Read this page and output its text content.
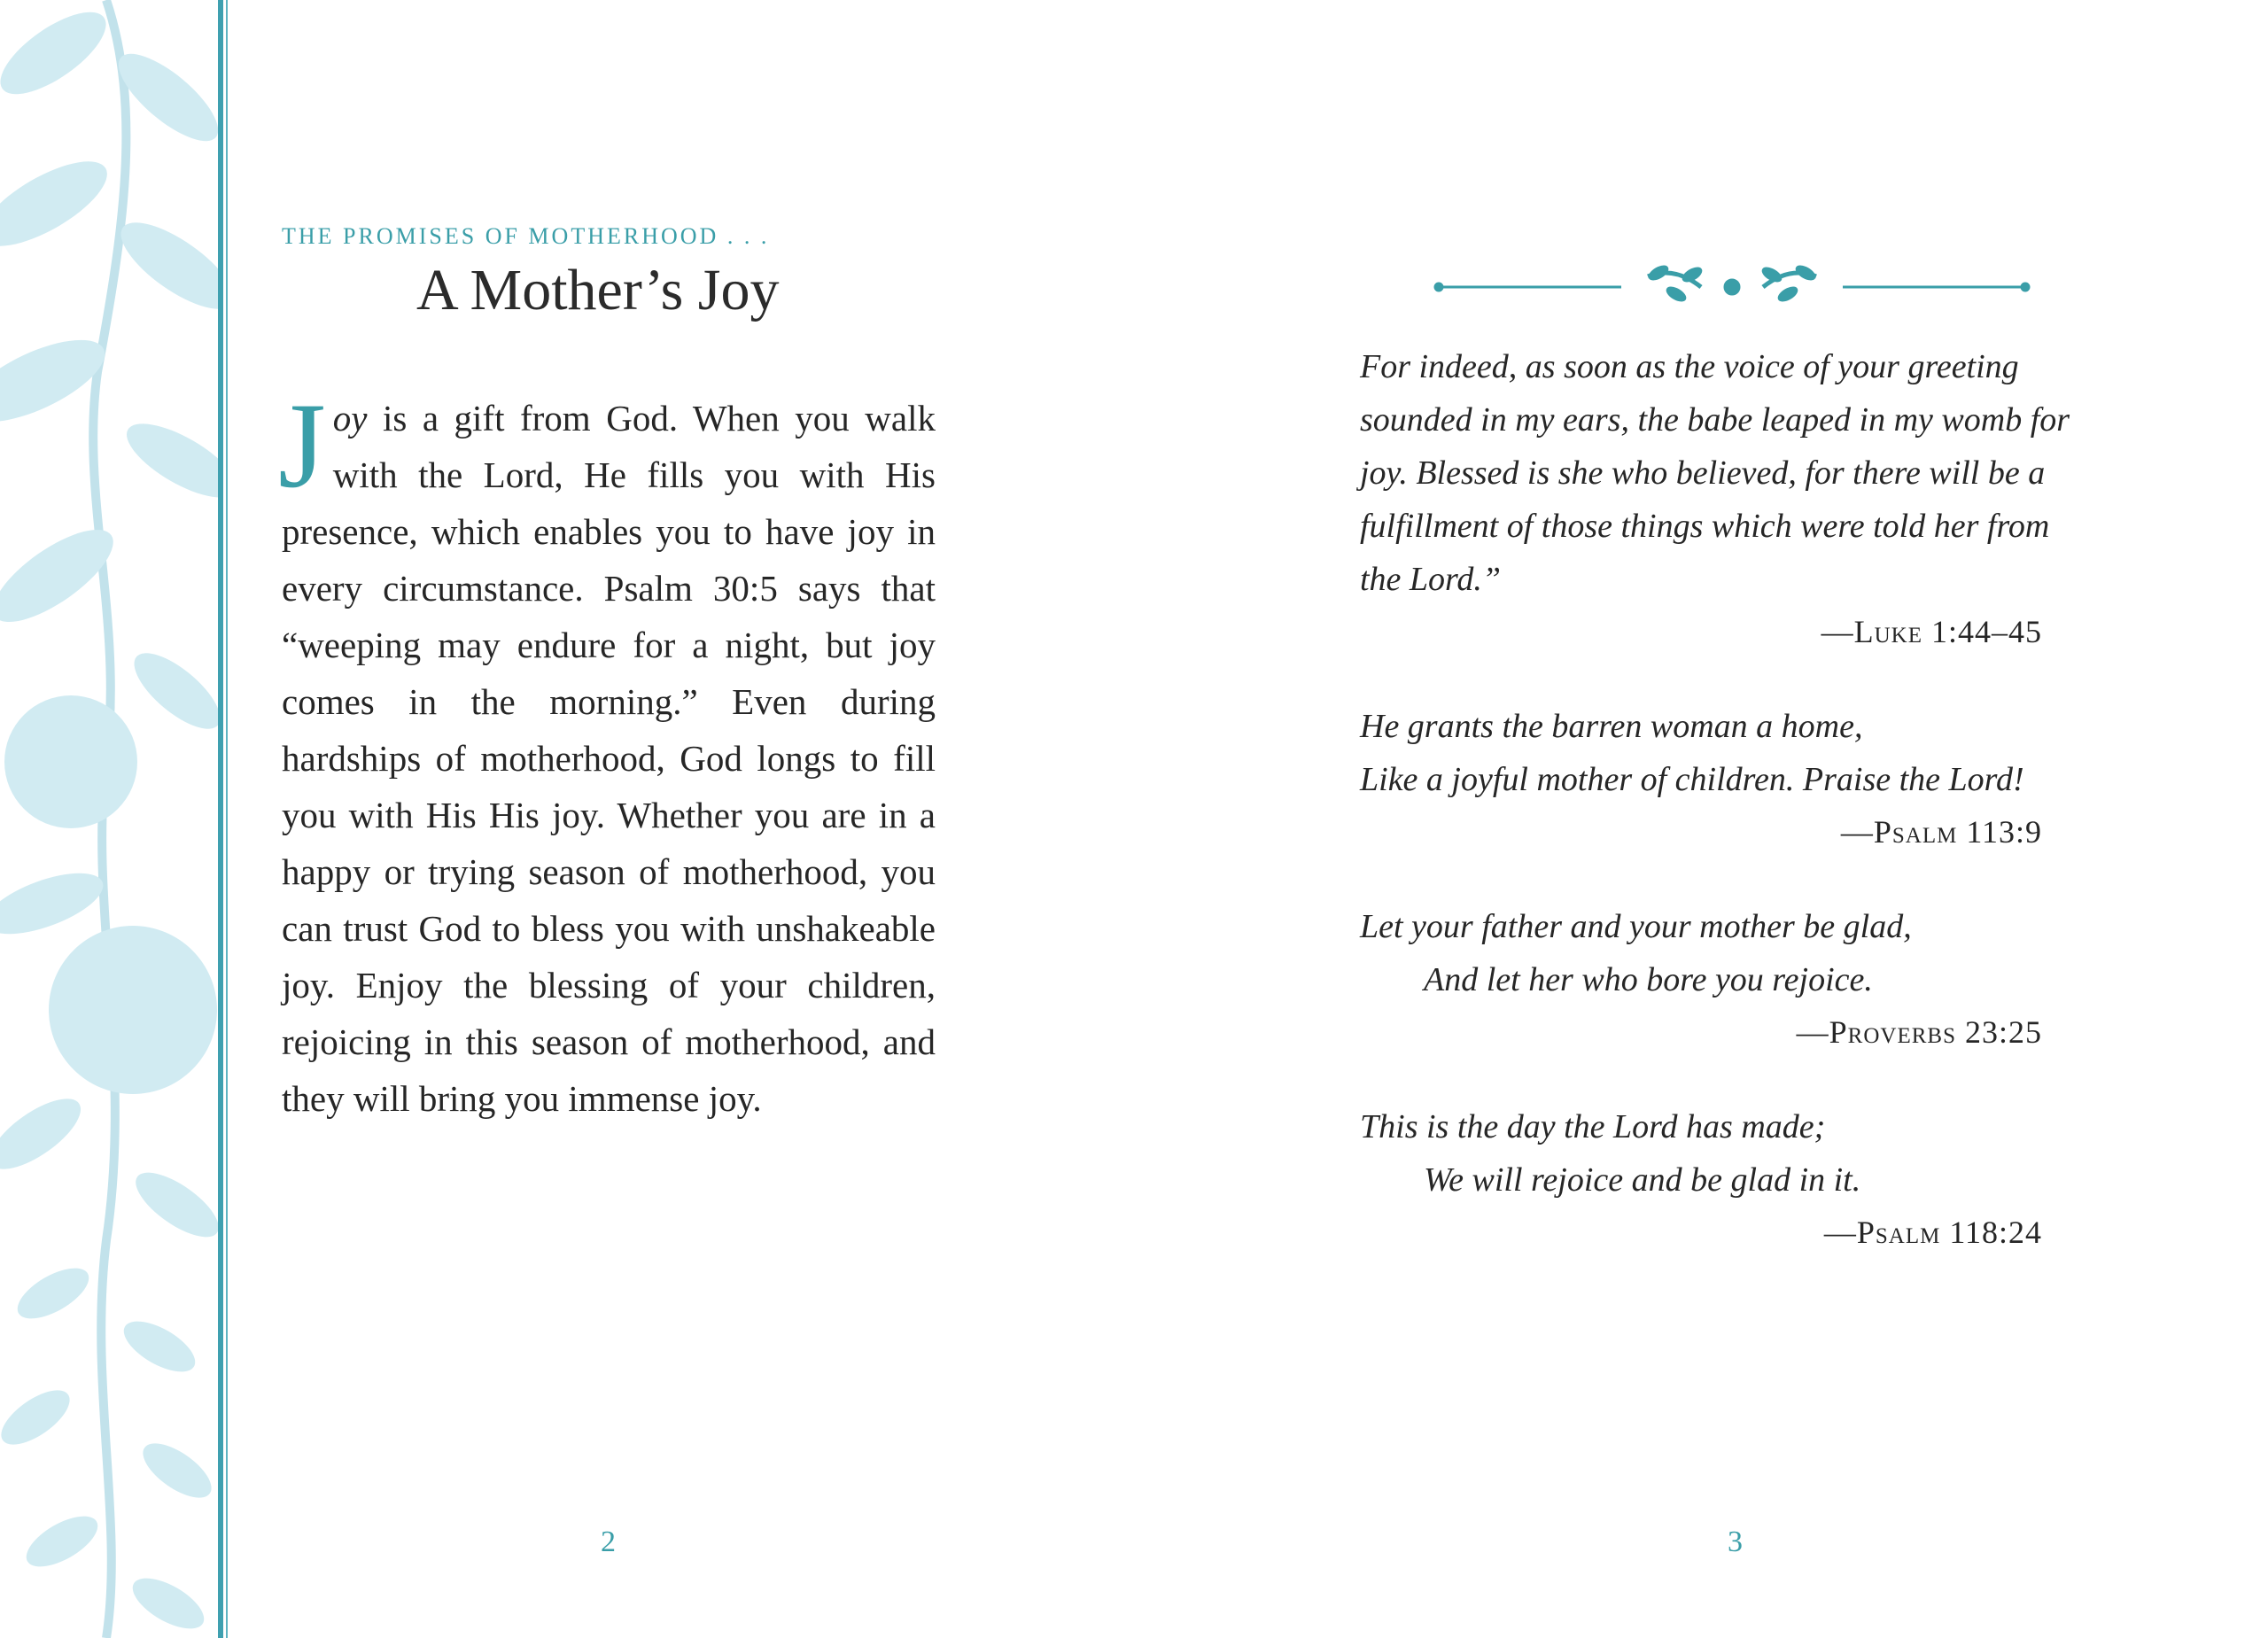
THE PROMISES OF MOTHERHOOD . . .

A Mother’s Joy

Joy is a gift from God. When you walk with the Lord, He fills you with His presence, which enables you to have joy in every circumstance. Psalm 30:5 says that “weeping may endure for a night, but joy comes in the morning.” Even during hardships of motherhood, God longs to fill you with His His joy. Whether you are in a happy or trying season of motherhood, you can trust God to bless you with unshakeable joy. Enjoy the blessing of your children, rejoicing in this season of motherhood, and they will bring you immense joy.

2

For indeed, as soon as the voice of your greeting
sounded in my ears, the babe leaped in my womb for
joy. Blessed is she who believed, for there will be a
fulfillment of those things which were told her from
the Lord.”
—Luke 1:44–45
He grants the barren woman a home,
Like a joyful mother of children. Praise the Lord!
—Psalm 113:9
Let your father and your mother be glad,
And let her who bore you rejoice.
—Proverbs 23:25
This is the day the Lord has made;
We will rejoice and be glad in it.
—Psalm 118:24

3
